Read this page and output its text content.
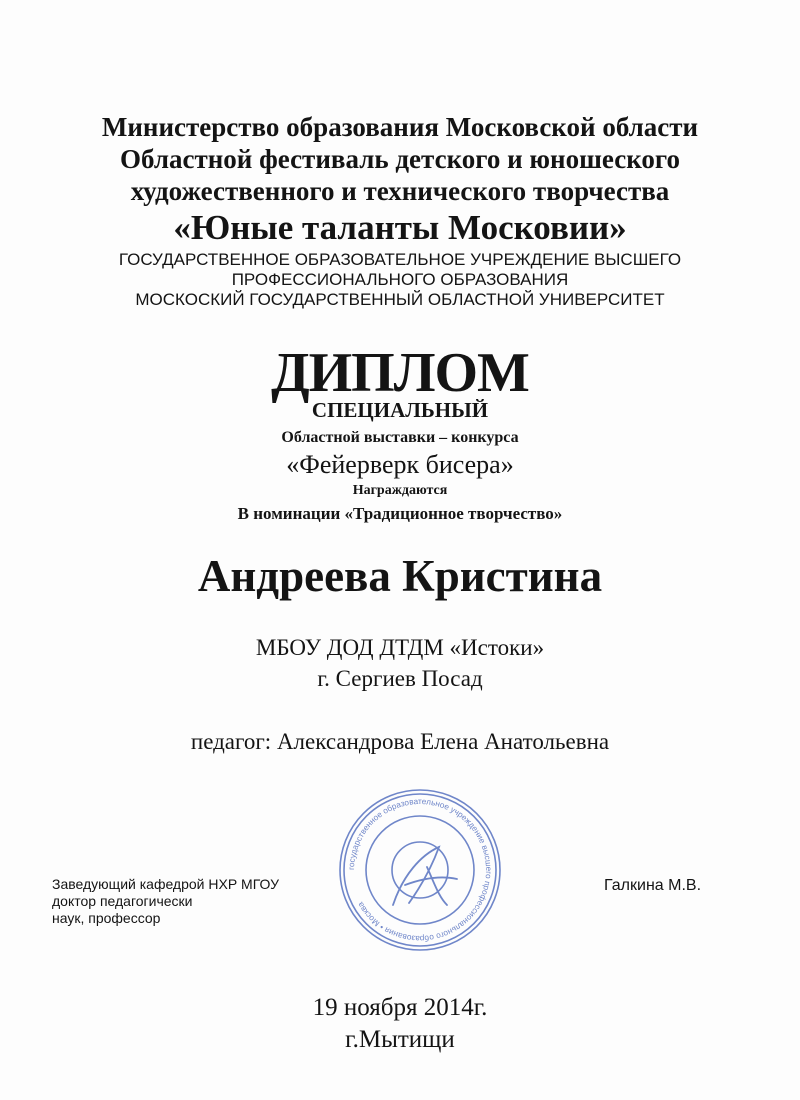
Министерство образования Московской области
Областной фестиваль детского и юношеского
художественного и технического творчества
«Юные таланты Московии»
ГОСУДАРСТВЕННОЕ ОБРАЗОВАТЕЛЬНОЕ УЧРЕЖДЕНИЕ ВЫСШЕГО
ПРОФЕССИОНАЛЬНОГО ОБРАЗОВАНИЯ
МОСКОСКИЙ ГОСУДАРСТВЕННЫЙ ОБЛАСТНОЙ УНИВЕРСИТЕТ
ДИПЛОМ
СПЕЦИАЛЬНЫЙ
Областной выставки – конкурса
«Фейерверк бисера»
Награждаются
В номинации «Традиционное творчество»
Андреева Кристина
МБОУ ДОД ДТДМ «Истоки»
г. Сергиев Посад
педагог: Александрова Елена Анатольевна
Заведующий кафедрой НХР МГОУ
доктор педагогически
наук, профессор
государственное образовательное учреждение высшего профессионального образования • Москва
Галкина М.В.
19 ноября 2014г.
г.Мытищи
